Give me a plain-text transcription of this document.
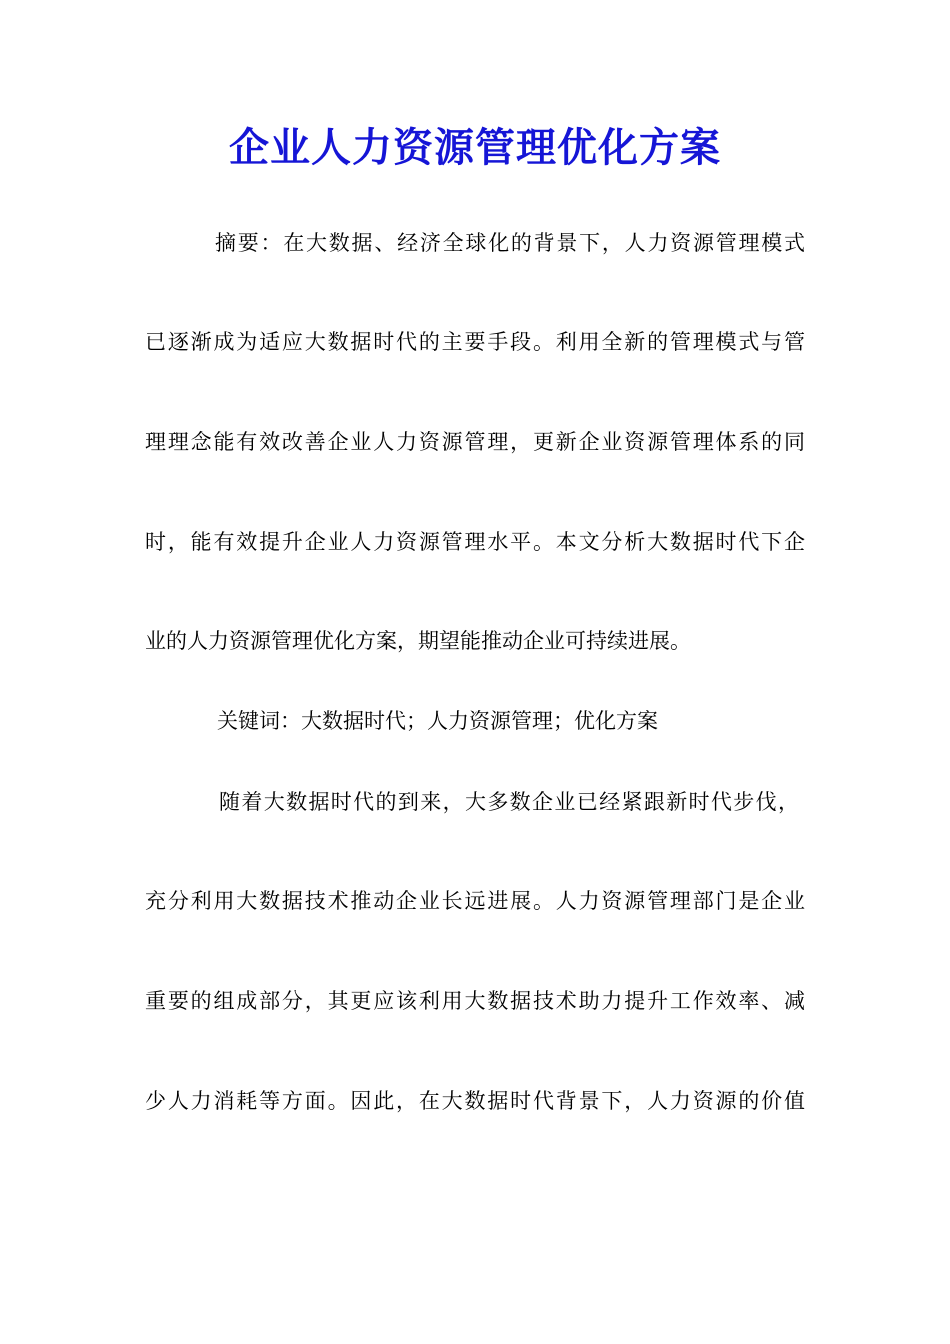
企业人力资源管理优化方案
摘要：在大数据、经济全球化的背景下，人力资源管理模式
已逐渐成为适应大数据时代的主要手段。利用全新的管理模式与管
理理念能有效改善企业人力资源管理，更新企业资源管理体系的同
时，能有效提升企业人力资源管理水平。本文分析大数据时代下企
业的人力资源管理优化方案，期望能推动企业可持续进展。
关键词：大数据时代；人力资源管理；优化方案
随着大数据时代的到来，大多数企业已经紧跟新时代步伐，
充分利用大数据技术推动企业长远进展。人力资源管理部门是企业
重要的组成部分，其更应该利用大数据技术助力提升工作效率、减
少人力消耗等方面。因此，在大数据时代背景下，人力资源的价值
